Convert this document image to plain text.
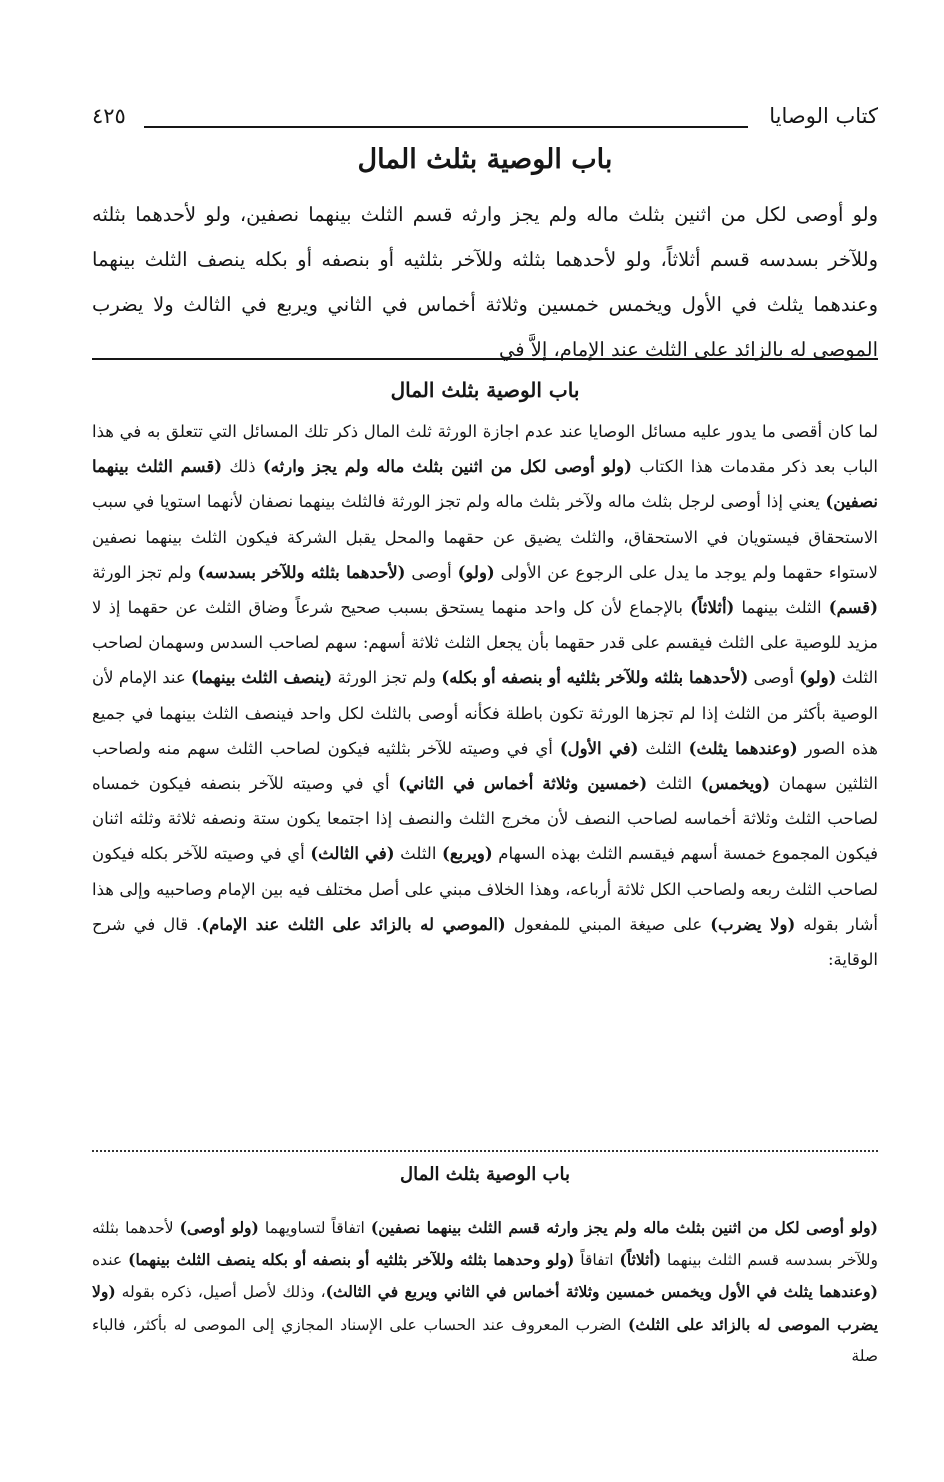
كتاب الوصايا
٤٢٥
باب الوصية بثلث المال

ولو أوصى لكل من اثنين بثلث ماله ولم يجز وارثه قسم الثلث بينهما نصفين، ولو لأحدهما بثلثه وللآخر بسدسه قسم أثلاثاً، ولو لأحدهما بثلثه وللآخر بثلثيه أو بنصفه أو بكله ينصف الثلث بينهما وعندهما يثلث في الأول ويخمس خمسين وثلاثة أخماس في الثاني ويربع في الثالث ولا يضرب الموصى له بالزائد على الثلث عند الإمام، إلاَّ في

باب الوصية بثلث المال

لما كان أقصى ما يدور عليه مسائل الوصايا عند عدم اجازة الورثة ثلث المال ذكر تلك المسائل التي تتعلق به في هذا الباب بعد ذكر مقدمات هذا الكتاب (ولو أوصى لكل من اثنين بثلث ماله ولم يجز وارثه) ذلك (قسم الثلث بينهما نصفين) يعني إذا أوصى لرجل بثلث ماله ولآخر بثلث ماله ولم تجز الورثة فالثلث بينهما نصفان لأنهما استويا في سبب الاستحقاق فيستويان في الاستحقاق، والثلث يضيق عن حقهما والمحل يقبل الشركة فيكون الثلث بينهما نصفين لاستواء حقهما ولم يوجد ما يدل على الرجوع عن الأولى (ولو) أوصى (لأحدهما بثلثه وللآخر بسدسه) ولم تجز الورثة (قسم) الثلث بينهما (أثلاثاً) بالإجماع لأن كل واحد منهما يستحق بسبب صحيح شرعاً وضاق الثلث عن حقهما إذ لا مزيد للوصية على الثلث فيقسم على قدر حقهما بأن يجعل الثلث ثلاثة أسهم: سهم لصاحب السدس وسهمان لصاحب الثلث (ولو) أوصى (لأحدهما بثلثه وللآخر بثلثيه أو بنصفه أو بكله) ولم تجز الورثة (ينصف الثلث بينهما) عند الإمام لأن الوصية بأكثر من الثلث إذا لم تجزها الورثة تكون باطلة فكأنه أوصى بالثلث لكل واحد فينصف الثلث بينهما في جميع هذه الصور (وعندهما يثلث) الثلث (في الأول) أي في وصيته للآخر بثلثيه فيكون لصاحب الثلث سهم منه ولصاحب الثلثين سهمان (ويخمس) الثلث (خمسين وثلاثة أخماس في الثاني) أي في وصيته للآخر بنصفه فيكون خمساه لصاحب الثلث وثلاثة أخماسه لصاحب النصف لأن مخرج الثلث والنصف إذا اجتمعا يكون ستة ونصفه ثلاثة وثلثه اثنان فيكون المجموع خمسة أسهم فيقسم الثلث بهذه السهام (ويربع) الثلث (في الثالث) أي في وصيته للآخر بكله فيكون لصاحب الثلث ربعه ولصاحب الكل ثلاثة أرباعه، وهذا الخلاف مبني على أصل مختلف فيه بين الإمام وصاحبيه وإلى هذا أشار بقوله (ولا يضرب) على صيغة المبني للمفعول (الموصي له بالزائد على الثلث عند الإمام). قال في شرح الوقاية:

باب الوصية بثلث المال

(ولو أوصى لكل من اثنين بثلث ماله ولم يجز وارثه قسم الثلث بينهما نصفين) اتفاقاً لتساويهما (ولو أوصى) لأحدهما بثلثه وللآخر بسدسه قسم الثلث بينهما (أثلاثاً) اتفاقاً (ولو وحدهما بثلثه وللآخر بثلثيه أو بنصفه أو بكله ينصف الثلث بينهما) عنده (وعندهما يثلث في الأول ويخمس خمسين وثلاثة أخماس في الثاني ويربع في الثالث)، وذلك لأصل أصيل، ذكره بقوله (ولا يضرب الموصى له بالزائد على الثلث) الضرب المعروف عند الحساب على الإسناد المجازي إلى الموصى له بأكثر، فالباء صلة
